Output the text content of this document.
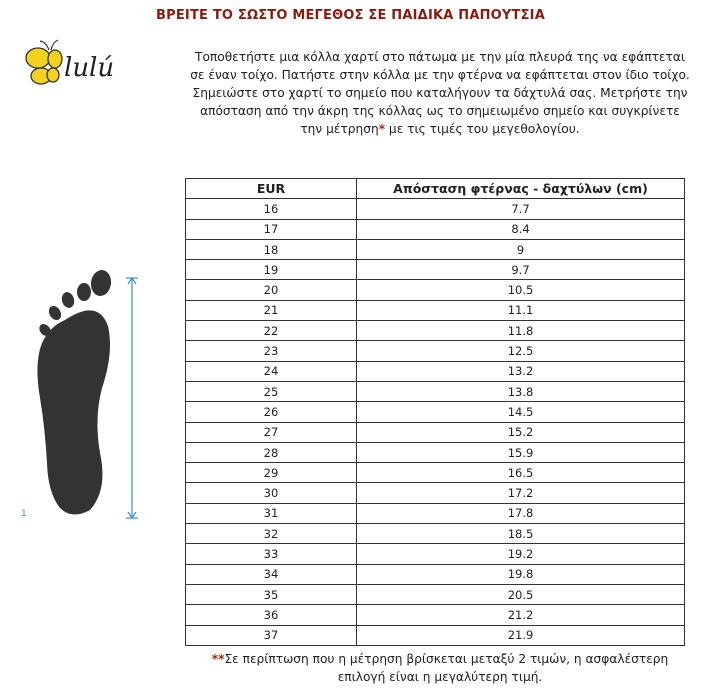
ΒΡΕΙΤΕ ΤΟ ΣΩΣΤΟ ΜΕΓΕΘΟΣ ΣΕ ΠΑΙΔΙΚΑ ΠΑΠΟΥΤΣΙΑ
lulú	Τοποθετήστε μια κόλλα χαρτί στο πάτωμα με την μία πλευρά της να εφάπτεται σε έναν τοίχο. Πατήστε στην κόλλα με την φτέρνα να εφάπτεται στον ίδιο τοίχο. Σημειώστε στο χαρτί το σημείο που καταλήγουν τα δάχτυλά σας. Μετρήστε την απόσταση από την άκρη της κόλλας ως το σημειωμένο σημείο και συγκρίνετε την μέτρηση* με τις τιμές του μεγεθολογίου.
1
EUR	Απόσταση φτέρνας - δαχτύλων (cm)
16	7.7
17	8.4
18	9
19	9.7
20	10.5
21	11.1
22	11.8
23	12.5
24	13.2
25	13.8
26	14.5
27	15.2
28	15.9
29	16.5
30	17.2
31	17.8
32	18.5
33	19.2
34	19.8
35	20.5
36	21.2
37	21.9
**Σε περίπτωση που η μέτρηση βρίσκεται μεταξύ 2 τιμών, η ασφαλέστερη επιλογή είναι η μεγαλύτερη τιμή.
